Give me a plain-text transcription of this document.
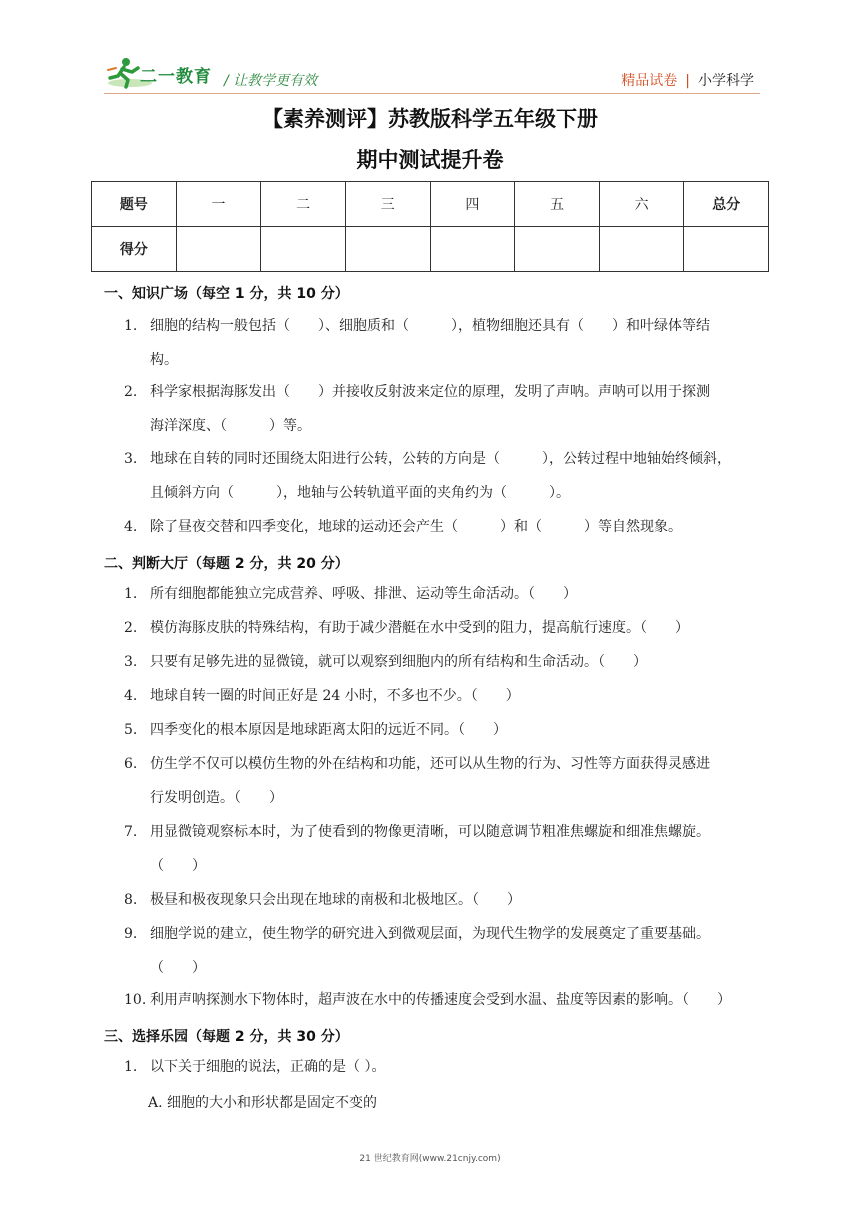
二一教育 / 让教学更有效	精品试卷 | 小学科学
【素养测评】苏教版科学五年级下册
期中测试提升卷
题号	一	二	三	四	五	六	总分
得分							
一、知识广场（每空 1 分，共 10 分）
1. 细胞的结构一般包括（　　）、细胞质和（　　　），植物细胞还具有（　　）和叶绿体等结
构。
2. 科学家根据海豚发出（　　）并接收反射波来定位的原理，发明了声呐。声呐可以用于探测
海洋深度、（　　　）等。
3. 地球在自转的同时还围绕太阳进行公转，公转的方向是（　　　），公转过程中地轴始终倾斜，
且倾斜方向（　　　），地轴与公转轨道平面的夹角约为（　　　）。
4. 除了昼夜交替和四季变化，地球的运动还会产生（　　　）和（　　　）等自然现象。
二、判断大厅（每题 2 分，共 20 分）
1. 所有细胞都能独立完成营养、呼吸、排泄、运动等生命活动。（　　）
2. 模仿海豚皮肤的特殊结构，有助于减少潜艇在水中受到的阻力，提高航行速度。（　　）
3. 只要有足够先进的显微镜，就可以观察到细胞内的所有结构和生命活动。（　　）
4. 地球自转一圈的时间正好是 24 小时，不多也不少。（　　）
5. 四季变化的根本原因是地球距离太阳的远近不同。（　　）
6. 仿生学不仅可以模仿生物的外在结构和功能，还可以从生物的行为、习性等方面获得灵感进
行发明创造。（　　）
7. 用显微镜观察标本时，为了使看到的物像更清晰，可以随意调节粗准焦螺旋和细准焦螺旋。
（　　）
8. 极昼和极夜现象只会出现在地球的南极和北极地区。（　　）
9. 细胞学说的建立，使生物学的研究进入到微观层面，为现代生物学的发展奠定了重要基础。
（　　）
10. 利用声呐探测水下物体时，超声波在水中的传播速度会受到水温、盐度等因素的影响。（　　）
三、选择乐园（每题 2 分，共 30 分）
1. 以下关于细胞的说法，正确的是（ ）。
A. 细胞的大小和形状都是固定不变的
21 世纪教育网(www.21cnjy.com)
